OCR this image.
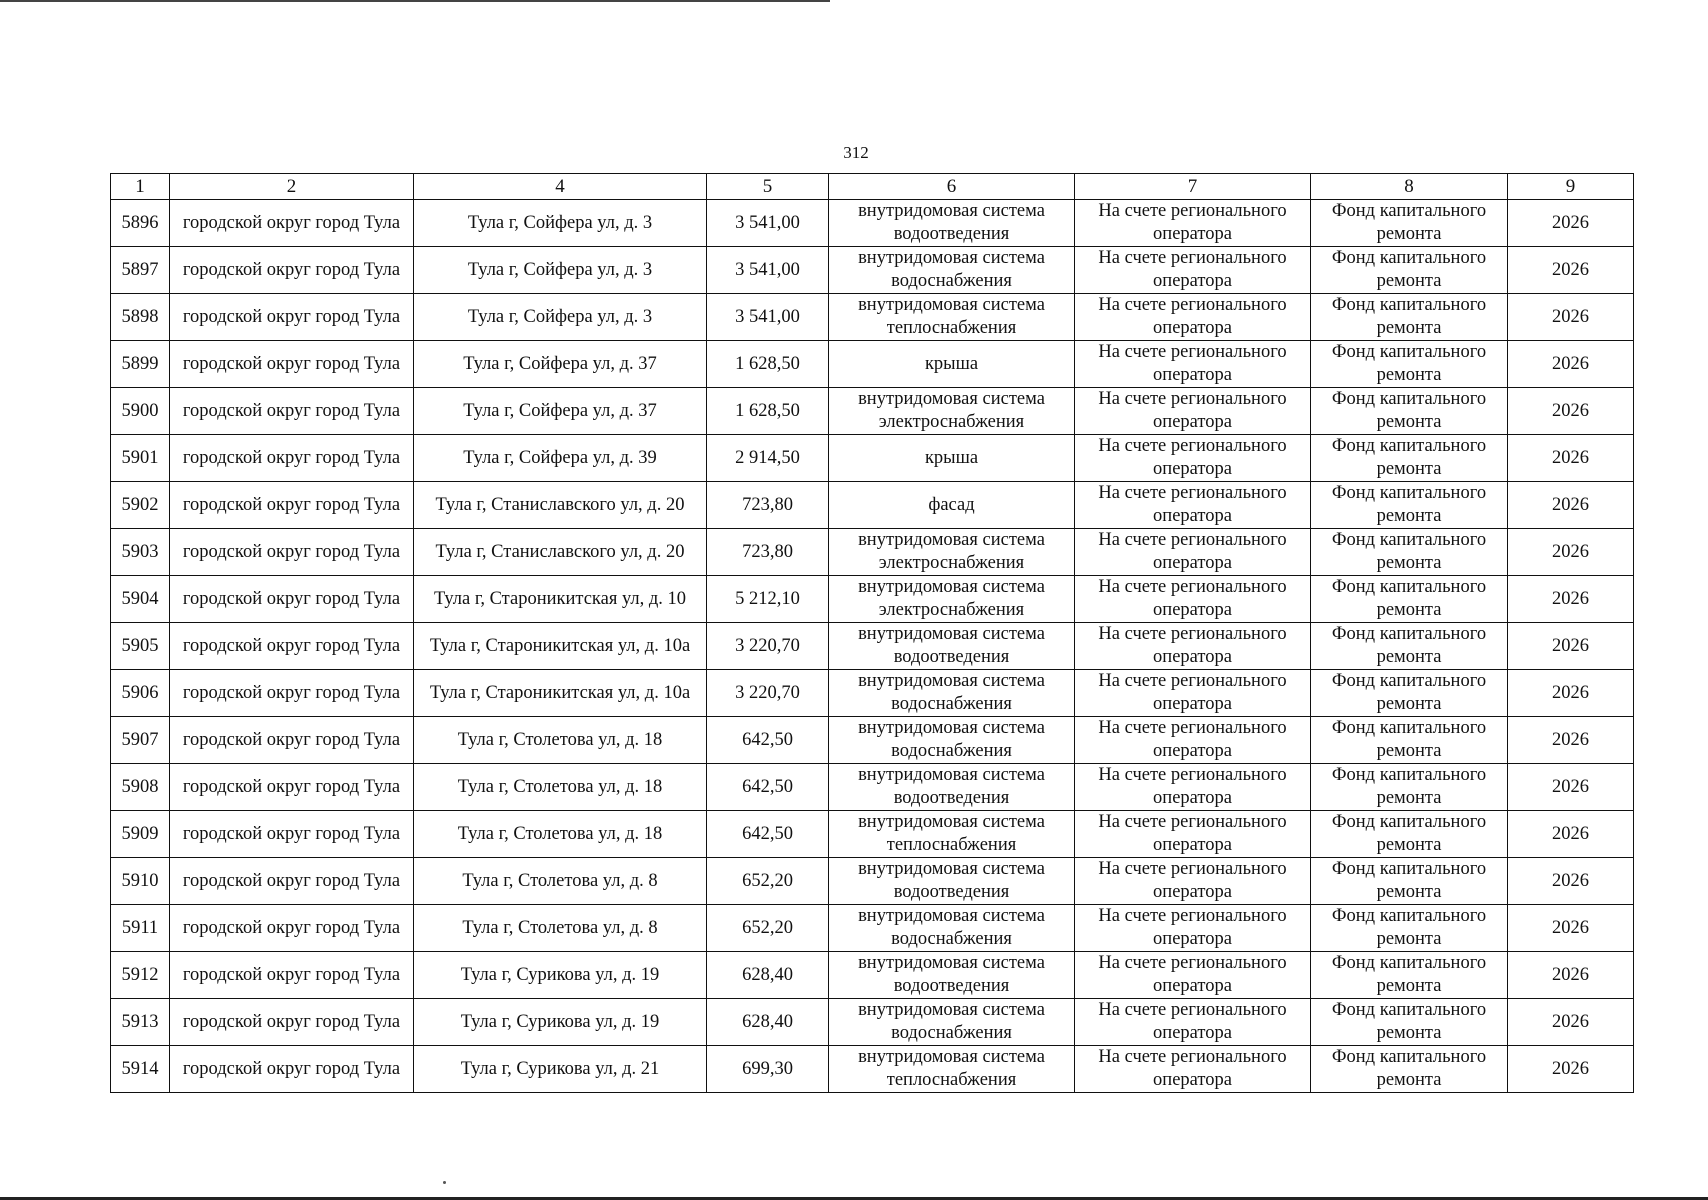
312
1	2	4	5	6	7	8	9
5896	городской округ город Тула	Тула г, Сойфера ул, д. 3	3 541,00	внутридомовая система водоотведения	На счете регионального оператора	Фонд капитального ремонта	2026
5897	городской округ город Тула	Тула г, Сойфера ул, д. 3	3 541,00	внутридомовая система водоснабжения	На счете регионального оператора	Фонд капитального ремонта	2026
5898	городской округ город Тула	Тула г, Сойфера ул, д. 3	3 541,00	внутридомовая система теплоснабжения	На счете регионального оператора	Фонд капитального ремонта	2026
5899	городской округ город Тула	Тула г, Сойфера ул, д. 37	1 628,50	крыша	На счете регионального оператора	Фонд капитального ремонта	2026
5900	городской округ город Тула	Тула г, Сойфера ул, д. 37	1 628,50	внутридомовая система электроснабжения	На счете регионального оператора	Фонд капитального ремонта	2026
5901	городской округ город Тула	Тула г, Сойфера ул, д. 39	2 914,50	крыша	На счете регионального оператора	Фонд капитального ремонта	2026
5902	городской округ город Тула	Тула г, Станиславского ул, д. 20	723,80	фасад	На счете регионального оператора	Фонд капитального ремонта	2026
5903	городской округ город Тула	Тула г, Станиславского ул, д. 20	723,80	внутридомовая система электроснабжения	На счете регионального оператора	Фонд капитального ремонта	2026
5904	городской округ город Тула	Тула г, Староникитская ул, д. 10	5 212,10	внутридомовая система электроснабжения	На счете регионального оператора	Фонд капитального ремонта	2026
5905	городской округ город Тула	Тула г, Староникитская ул, д. 10а	3 220,70	внутридомовая система водоотведения	На счете регионального оператора	Фонд капитального ремонта	2026
5906	городской округ город Тула	Тула г, Староникитская ул, д. 10а	3 220,70	внутридомовая система водоснабжения	На счете регионального оператора	Фонд капитального ремонта	2026
5907	городской округ город Тула	Тула г, Столетова ул, д. 18	642,50	внутридомовая система водоснабжения	На счете регионального оператора	Фонд капитального ремонта	2026
5908	городской округ город Тула	Тула г, Столетова ул, д. 18	642,50	внутридомовая система водоотведения	На счете регионального оператора	Фонд капитального ремонта	2026
5909	городской округ город Тула	Тула г, Столетова ул, д. 18	642,50	внутридомовая система теплоснабжения	На счете регионального оператора	Фонд капитального ремонта	2026
5910	городской округ город Тула	Тула г, Столетова ул, д. 8	652,20	внутридомовая система водоотведения	На счете регионального оператора	Фонд капитального ремонта	2026
5911	городской округ город Тула	Тула г, Столетова ул, д. 8	652,20	внутридомовая система водоснабжения	На счете регионального оператора	Фонд капитального ремонта	2026
5912	городской округ город Тула	Тула г, Сурикова ул, д. 19	628,40	внутридомовая система водоотведения	На счете регионального оператора	Фонд капитального ремонта	2026
5913	городской округ город Тула	Тула г, Сурикова ул, д. 19	628,40	внутридомовая система водоснабжения	На счете регионального оператора	Фонд капитального ремонта	2026
5914	городской округ город Тула	Тула г, Сурикова ул, д. 21	699,30	внутридомовая система теплоснабжения	На счете регионального оператора	Фонд капитального ремонта	2026
